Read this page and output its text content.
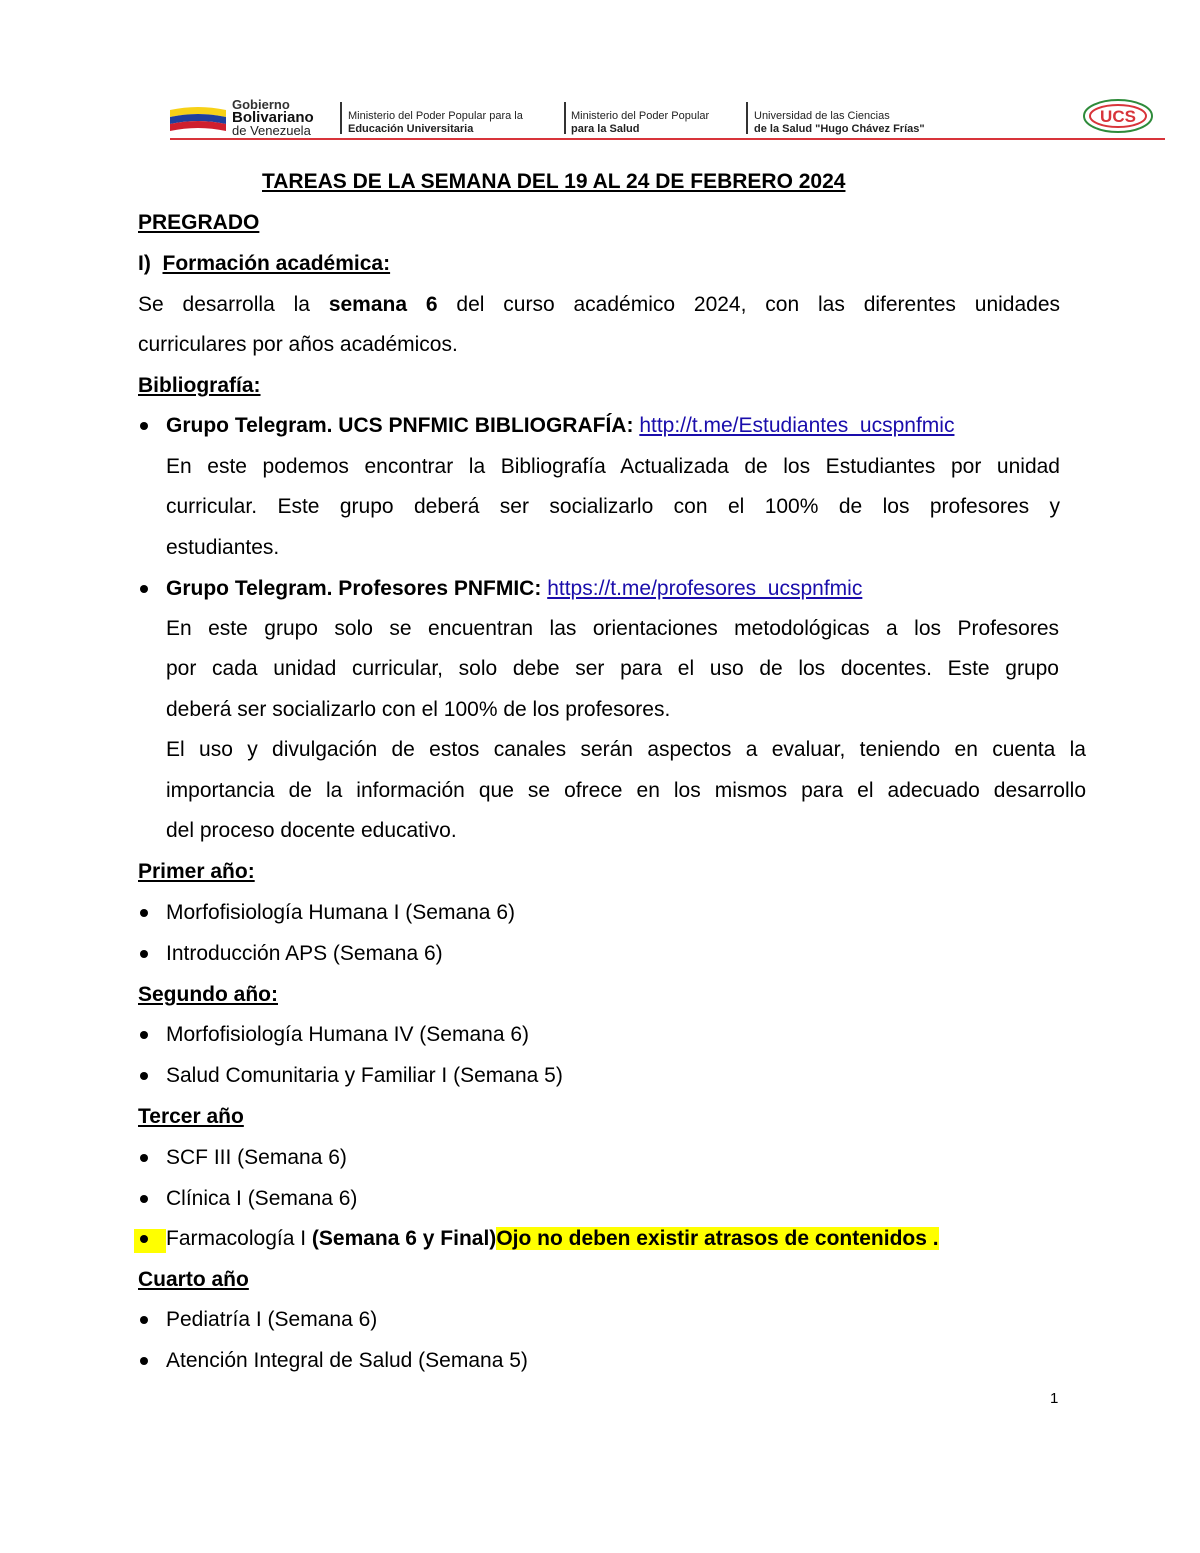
Gobierno
Bolivariano
de Venezuela
Ministerio del Poder Popular para la
Educación Universitaria
Ministerio del Poder Popular
para la Salud
Universidad de las Ciencias
de la Salud "Hugo Chávez Frías"
UCS
TAREAS DE LA SEMANA DEL 19 AL 24 DE FEBRERO 2024
PREGRADO
I) Formación académica:
Se desarrolla la semana 6 del curso académico 2024, con las diferentes unidades
curriculares por años académicos.
Bibliografía:
Grupo Telegram. UCS PNFMIC BIBLIOGRAFÍA: http://t.me/Estudiantes_ucspnfmic
En este podemos encontrar la Bibliografía Actualizada de los Estudiantes por unidad
curricular. Este grupo deberá ser socializarlo con el 100% de los profesores y
estudiantes.
Grupo Telegram. Profesores PNFMIC: https://t.me/profesores_ucspnfmic
En este grupo solo se encuentran las orientaciones metodológicas a los Profesores
por cada unidad curricular, solo debe ser para el uso de los docentes. Este grupo
deberá ser socializarlo con el 100% de los profesores.
El uso y divulgación de estos canales serán aspectos a evaluar, teniendo en cuenta la
importancia de la información que se ofrece en los mismos para el adecuado desarrollo
del proceso docente educativo.
Primer año:
Morfofisiología Humana I (Semana 6)
Introducción APS (Semana 6)
Segundo año:
Morfofisiología Humana IV (Semana 6)
Salud Comunitaria y Familiar I (Semana 5)
Tercer año
SCF III (Semana 6)
Clínica I (Semana 6)
Farmacología I (Semana 6 y Final)Ojo no deben existir atrasos de contenidos .
Cuarto año
Pediatría I (Semana 6)
Atención Integral de Salud (Semana 5)
1
